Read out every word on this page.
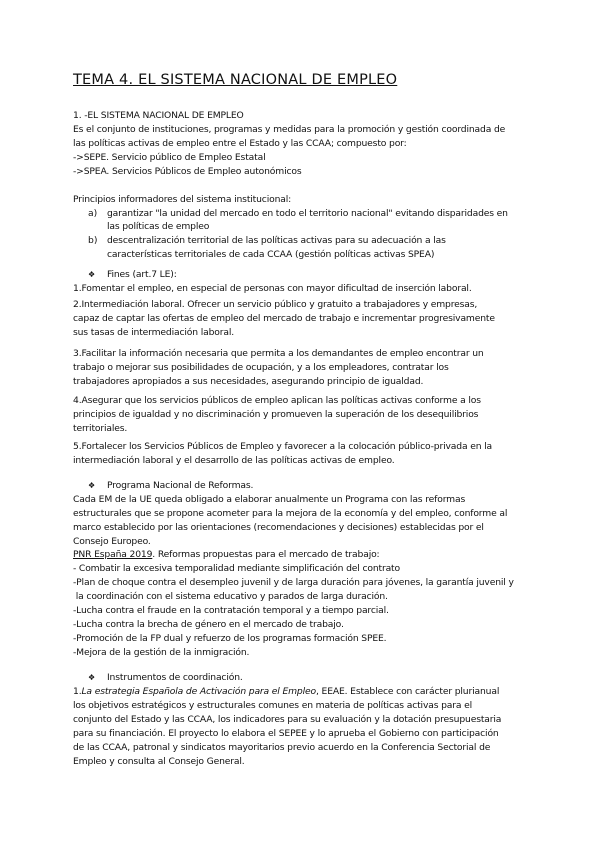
TEMA 4. EL SISTEMA NACIONAL DE EMPLEO
1. -EL SISTEMA NACIONAL DE EMPLEO
Es el conjunto de instituciones, programas y medidas para la promoción y gestión coordinada de
las políticas activas de empleo entre el Estado y las CCAA; compuesto por:
->SEPE. Servicio público de Empleo Estatal
->SPEA. Servicios Públicos de Empleo autonómicos
Principios informadores del sistema institucional:
a) garantizar "la unidad del mercado en todo el territorio nacional" evitando disparidades en
las políticas de empleo
b) descentralización territorial de las políticas activas para su adecuación a las
características territoriales de cada CCAA (gestión políticas activas SPEA)
❖ Fines (art.7 LE):
1.Fomentar el empleo, en especial de personas con mayor dificultad de inserción laboral.
2.Intermediación laboral. Ofrecer un servicio público y gratuito a trabajadores y empresas,
capaz de captar las ofertas de empleo del mercado de trabajo e incrementar progresivamente
sus tasas de intermediación laboral.
3.Facilitar la información necesaria que permita a los demandantes de empleo encontrar un
trabajo o mejorar sus posibilidades de ocupación, y a los empleadores, contratar los
trabajadores apropiados a sus necesidades, asegurando principio de igualdad.
4.Asegurar que los servicios públicos de empleo aplican las políticas activas conforme a los
principios de igualdad y no discriminación y promueven la superación de los desequilibrios
territoriales.
5.Fortalecer los Servicios Públicos de Empleo y favorecer a la colocación público-privada en la
intermediación laboral y el desarrollo de las políticas activas de empleo.
❖ Programa Nacional de Reformas.
Cada EM de la UE queda obligado a elaborar anualmente un Programa con las reformas
estructurales que se propone acometer para la mejora de la economía y del empleo, conforme al
marco establecido por las orientaciones (recomendaciones y decisiones) establecidas por el
Consejo Europeo.
PNR España 2019. Reformas propuestas para el mercado de trabajo:
- Combatir la excesiva temporalidad mediante simplificación del contrato
-Plan de choque contra el desempleo juvenil y de larga duración para jóvenes, la garantía juvenil y
la coordinación con el sistema educativo y parados de larga duración.
-Lucha contra el fraude en la contratación temporal y a tiempo parcial.
-Lucha contra la brecha de género en el mercado de trabajo.
-Promoción de la FP dual y refuerzo de los programas formación SPEE.
-Mejora de la gestión de la inmigración.
❖ Instrumentos de coordinación.
1.La estrategia Española de Activación para el Empleo, EEAE. Establece con carácter plurianual
los objetivos estratégicos y estructurales comunes en materia de políticas activas para el
conjunto del Estado y las CCAA, los indicadores para su evaluación y la dotación presupuestaria
para su financiación. El proyecto lo elabora el SEPEE y lo aprueba el Gobierno con participación
de las CCAA, patronal y sindicatos mayoritarios previo acuerdo en la Conferencia Sectorial de
Empleo y consulta al Consejo General.
